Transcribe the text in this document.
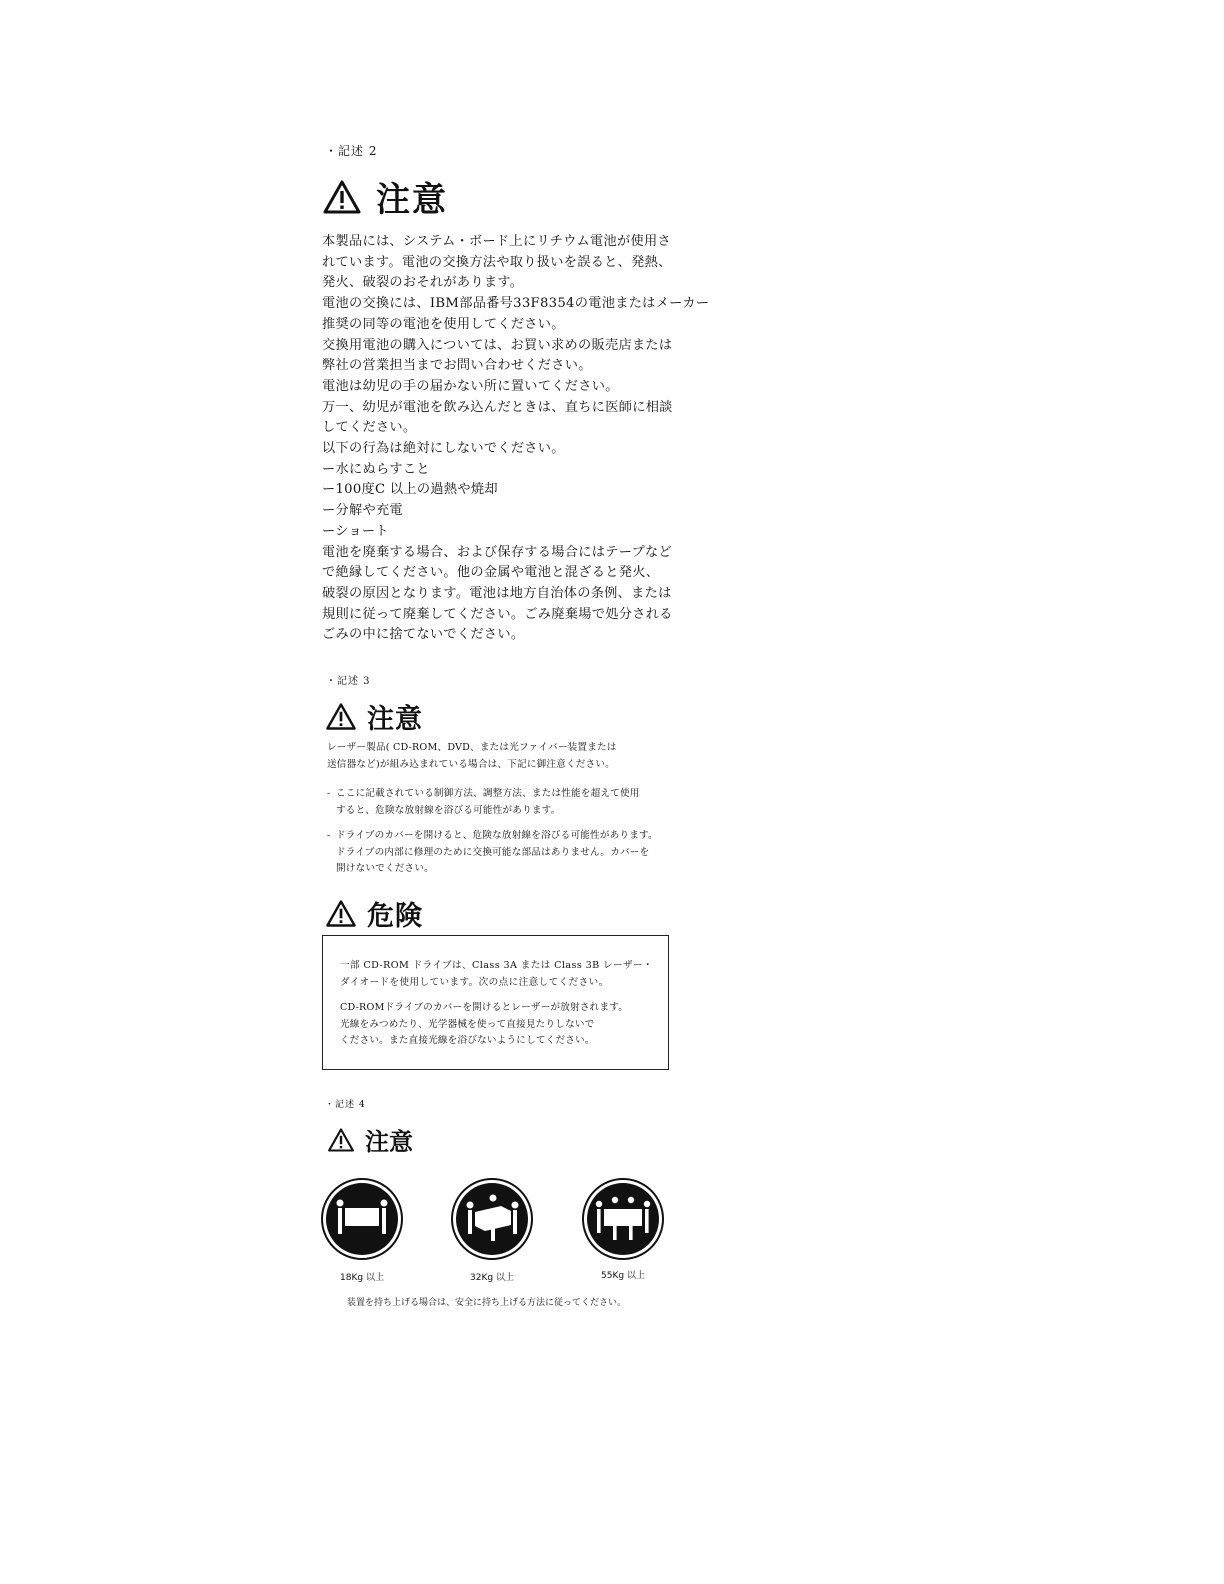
・記述 2
注意
本製品には、システム・ボード上にリチウム電池が使用さ
れています。電池の交換方法や取り扱いを誤ると、発熱、
発火、破裂のおそれがあります。
電池の交換には、IBM部品番号33F8354の電池またはメーカー
推奨の同等の電池を使用してください。
交換用電池の購入については、お買い求めの販売店または
弊社の営業担当までお問い合わせください。
電池は幼児の手の届かない所に置いてください。
万一、幼児が電池を飲み込んだときは、直ちに医師に相談
してください。
以下の行為は絶対にしないでください。
ー水にぬらすこと
ー100度C 以上の過熱や焼却
ー分解や充電
ーショート
電池を廃棄する場合、および保存する場合にはテープなど
で絶縁してください。他の金属や電池と混ざると発火、
破裂の原因となります。電池は地方自治体の条例、または
規則に従って廃棄してください。ごみ廃棄場で処分される
ごみの中に捨てないでください。
・記述 3
注意
レーザー製品( CD-ROM、DVD、または光ファイバー装置または
送信器など)が組み込まれている場合は、下記に御注意ください。
- ここに記載されている制御方法、調整方法、または性能を超えて使用
すると、危険な放射線を浴びる可能性があります。
- ドライブのカバーを開けると、危険な放射線を浴びる可能性があります。
ドライブの内部に修理のために交換可能な部品はありません。カバーを
開けないでください。
危険
一部 CD-ROM ドライブは、Class 3A または Class 3B レーザー・
ダイオードを使用しています。次の点に注意してください。
CD-ROMドライブのカバーを開けるとレーザーが放射されます。
光線をみつめたり、光学器械を使って直接見たりしないで
ください。また直接光線を浴びないようにしてください。
・記述 4
注意
18Kg 以上	32Kg 以上	55Kg 以上
装置を持ち上げる場合は、安全に持ち上げる方法に従ってください。
